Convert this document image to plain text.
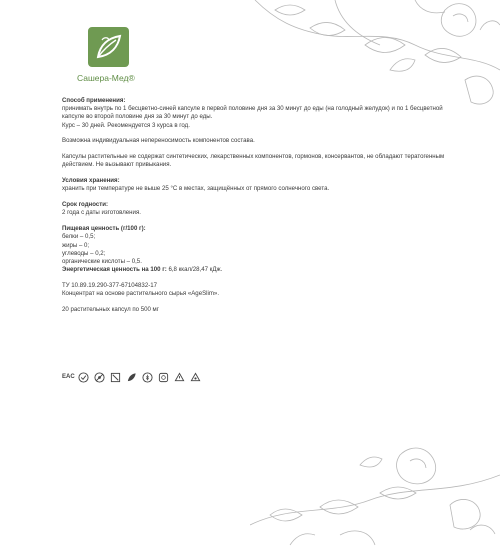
Сашера-Мед®

Способ применения:

принимать внутрь по 1 бесцветно-синей капсуле в первой половине дня за 30 минут до еды (на голодный желудок) и по 1 бесцветной капсуле во второй половине дня за 30 минут до еды.

Курс – 30 дней. Рекомендуется 3 курса в год.

Возможна индивидуальная непереносимость компонентов состава.

Капсулы растительные не содержат синтетических, лекарственных компонентов, гормонов, консервантов, не обладают тератогенным действием. Не вызывают привыкания.

Условия хранения:

хранить при температуре не выше 25 °С в местах, защищённых от прямого солнечного света.

Срок годности:

2 года с даты изготовления.

Пищевая ценность (г/100 г):

белки – 0,5;

жиры – 0;

углеводы – 0,2;

органические кислоты – 0,5.

Энергетическая ценность на 100 г: 6,8 ккал/28,47 кДж.

ТУ 10.89.19.290-377-67104832-17

Концентрат на основе растительного сырья «AgeSlim».

20 растительных капсул по 500 мг

EAC
